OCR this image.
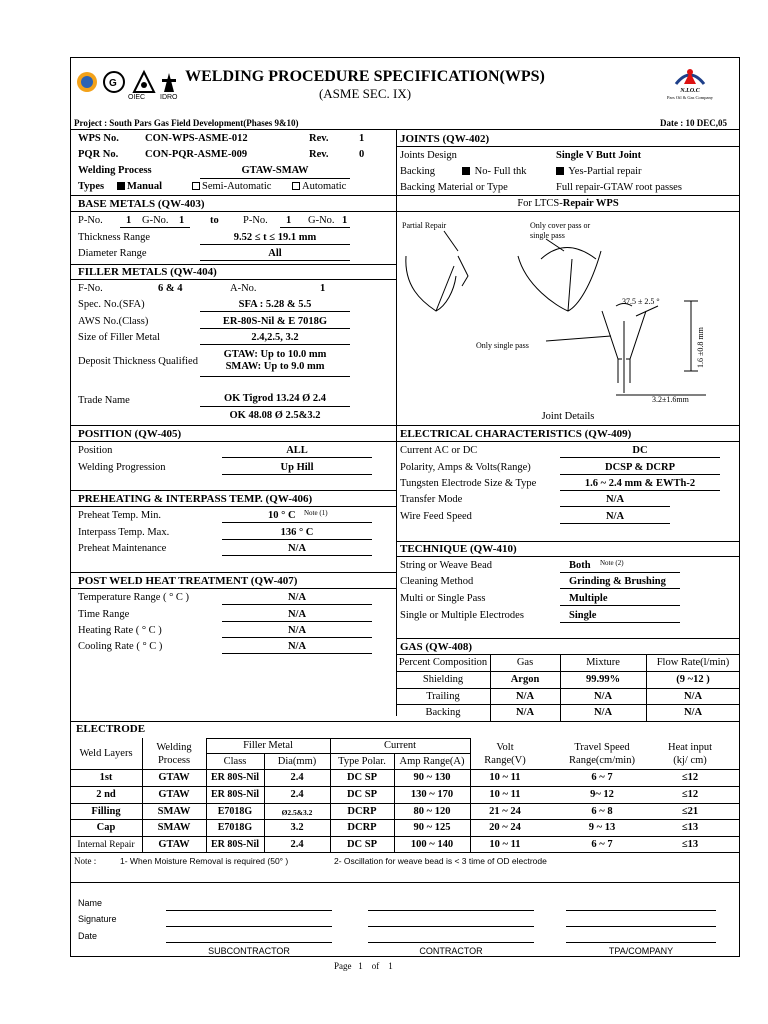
G
OIEC IDRO
WELDING PROCEDURE SPECIFICATION(WPS)
(ASME SEC. IX)	N.I.O.C
Pars Oil & Gas Company
Project : South Pars Gas Field Development(Phases 9&10)	Date : 10 DEC,05
WPS No. CON-WPS-ASME-012	Rev.	1
PQR No.	CON-PQR-ASME-009	Rev.	0
Welding Process	GTAW-SMAW
Types	Manual	Semi-Automatic	Automatic
JOINTS (QW-402)
Joints Design	Single V Butt Joint
Backing	No- Full thk	Yes-Partial repair
Backing Material or Type	Full repair-GTAW root passes
For LTCS-Repair WPS
Partial Repair	Only cover pass or
single pass
37.5 ± 2.5 °
1.6 ±0.8 mm
Only single pass
3.2±1.6mm
Joint Details
BASE METALS (QW-403)
P-No. 1 G-No. 1 to P-No. 1 G-No. 1
Thickness Range	9.52 ≤ t ≤ 19.1 mm
Diameter Range	All
FILLER METALS (QW-404)
F-No.	6 & 4	A-No.	1
Spec. No.(SFA)	SFA : 5.28 & 5.5
AWS No.(Class)	ER-80S-Nil & E 7018G
Size of Filler Metal	2.4,2.5, 3.2
Deposit Thickness Qualified
GTAW: Up to 10.0 mm
SMAW: Up to 9.0 mm
Trade Name	OK Tigrod 13.24 Ø 2.4
OK 48.08 Ø 2.5&3.2
POSITION (QW-405)
Position	ALL
Welding Progression	Up Hill
ELECTRICAL CHARACTERISTICS (QW-409)
Current AC or DC	DC
Polarity, Amps & Volts(Range)	DCSP & DCRP
Tungsten Electrode Size & Type	1.6 ~ 2.4 mm & EWTh-2
Transfer Mode	N/A
Wire Feed Speed	N/A
PREHEATING & INTERPASS TEMP. (QW-406)
Preheat Temp. Min.	10 ° C Note (1)
Interpass Temp. Max.	136 ° C
Preheat Maintenance	N/A	TECHNIQUE (QW-410)
String or Weave Bead	Both Note (2)
Cleaning Method	Grinding & Brushing
Multi or Single Pass	Multiple
Single or Multiple Electrodes	Single
POST WELD HEAT TREATMENT (QW-407)
Temperature Range ( ° C )	N/A
Time Range	N/A
Heating Rate ( ° C )	N/A
Cooling Rate ( ° C )	N/A	GAS (QW-408)
Percent Composition	Gas	Mixture	Flow Rate(l/min)
Shielding	Argon	99.99%	(9 ~12 )
Trailing	N/A	N/A	N/A
Backing	N/A	N/A	N/A
ELECTRODE
Weld Layers
Welding
Process
Filler Metal
Class	Dia(mm)
Current
Type Polar.	Amp Range(A)
Volt
Range(V)
Travel Speed
Range(cm/min)
Heat input
(kj/ cm)
1st	GTAW	ER 80S-Nil	2.4	DC SP	90 ~ 130	10 ~ 11	6 ~ 7	≤12
2 nd	GTAW	ER 80S-Nil	2.4	DC SP	130 ~ 170	10 ~ 11	9~ 12	≤12
Filling	SMAW	E7018G	Ø2.5&3.2	DCRP	80 ~ 120	21 ~ 24	6 ~ 8	≤21
Cap	SMAW	E7018G	3.2	DCRP	90 ~ 125	20 ~ 24	9 ~ 13	≤13
Internal Repair	GTAW	ER 80S-Nil	2.4	DC SP	100 ~ 140	10 ~ 11	6 ~ 7	≤13
Note :	1- When Moisture Removal is required (50° )	2- Oscillation for weave bead is < 3 time of OD electrode
Name
Signature
Date
SUBCONTRACTOR	CONTRACTOR	TPA/COMPANY
Page 1 of 1
